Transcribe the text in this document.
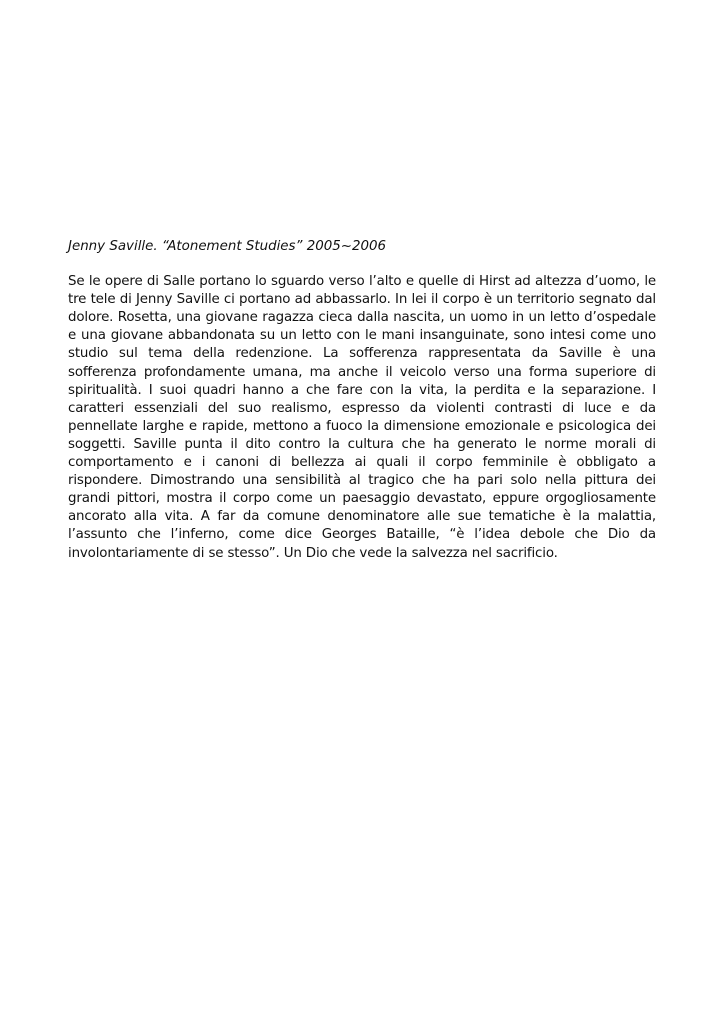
Jenny Saville. “Atonement Studies” 2005~2006

Se le opere di Salle portano lo sguardo verso l’alto e quelle di Hirst ad altezza d’uomo, le tre tele di Jenny Saville ci portano ad abbassarlo. In lei il corpo è un territorio segnato dal dolore. Rosetta, una giovane ragazza cieca dalla nascita, un uomo in un letto d’ospedale e una giovane abbandonata su un letto con le mani insanguinate, sono intesi come uno studio sul tema della redenzione. La sofferenza rappresentata da Saville è una sofferenza profondamente umana, ma anche il veicolo verso una forma superiore di spiritualità. I suoi quadri hanno a che fare con la vita, la perdita e la separazione. I caratteri essenziali del suo realismo, espresso da violenti contrasti di luce e da pennellate larghe e rapide, mettono a fuoco la dimensione emozionale e psicologica dei soggetti. Saville punta il dito contro la cultura che ha generato le norme morali di comportamento e i canoni di bellezza ai quali il corpo femminile è obbligato a rispondere. Dimostrando una sensibilità al tragico che ha pari solo nella pittura dei grandi pittori, mostra il corpo come un paesaggio devastato, eppure orgogliosamente ancorato alla vita. A far da comune denominatore alle sue tematiche è la malattia, l’assunto che l’inferno, come dice Georges Bataille, “è l’idea debole che Dio da involontariamente di se stesso”. Un Dio che vede la salvezza nel sacrificio.
